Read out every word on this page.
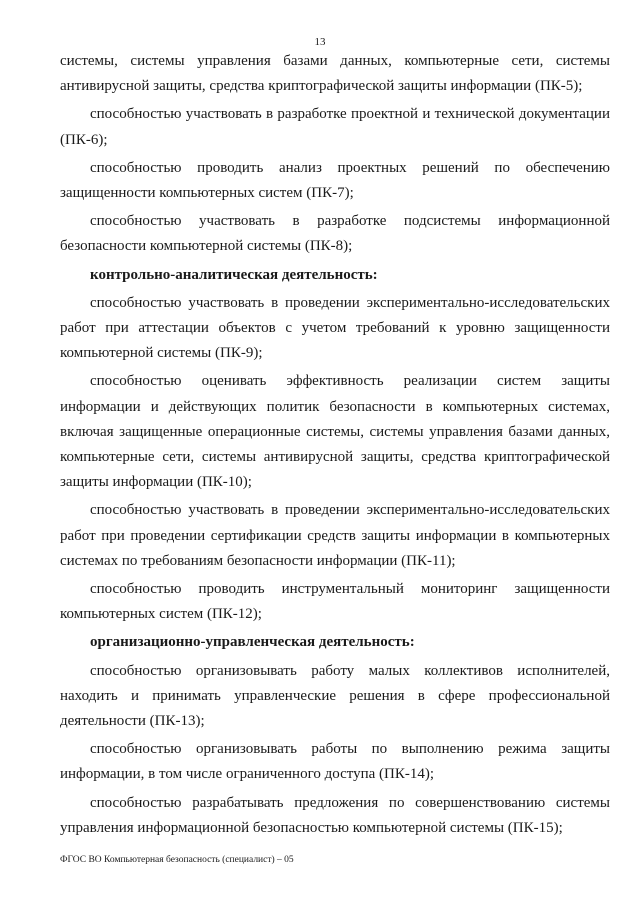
13

системы, системы управления базами данных, компьютерные сети, системы антивирусной защиты, средства криптографической защиты информации (ПК-5);

способностью участвовать в разработке проектной и технической документации (ПК-6);

способностью проводить анализ проектных решений по обеспечению защищенности компьютерных систем (ПК-7);

способностью участвовать в разработке подсистемы информационной безопасности компьютерной системы (ПК-8);

контрольно-аналитическая деятельность:

способностью участвовать в проведении экспериментально-исследовательских работ при аттестации объектов с учетом требований к уровню защищенности компьютерной системы (ПК-9);

способностью оценивать эффективность реализации систем защиты информации и действующих политик безопасности в компьютерных системах, включая защищенные операционные системы, системы управления базами данных, компьютерные сети, системы антивирусной защиты, средства криптографической защиты информации (ПК-10);

способностью участвовать в проведении экспериментально-исследовательских работ при проведении сертификации средств защиты информации в компьютерных системах по требованиям безопасности информации (ПК-11);

способностью проводить инструментальный мониторинг защищенности компьютерных систем (ПК-12);

организационно-управленческая деятельность:

способностью организовывать работу малых коллективов исполнителей, находить и принимать управленческие решения в сфере профессиональной деятельности (ПК-13);

способностью организовывать работы по выполнению режима защиты информации, в том числе ограниченного доступа (ПК-14);

способностью разрабатывать предложения по совершенствованию системы управления информационной безопасностью компьютерной системы (ПК-15);

ФГОС ВО Компьютерная безопасность (специалист) – 05
